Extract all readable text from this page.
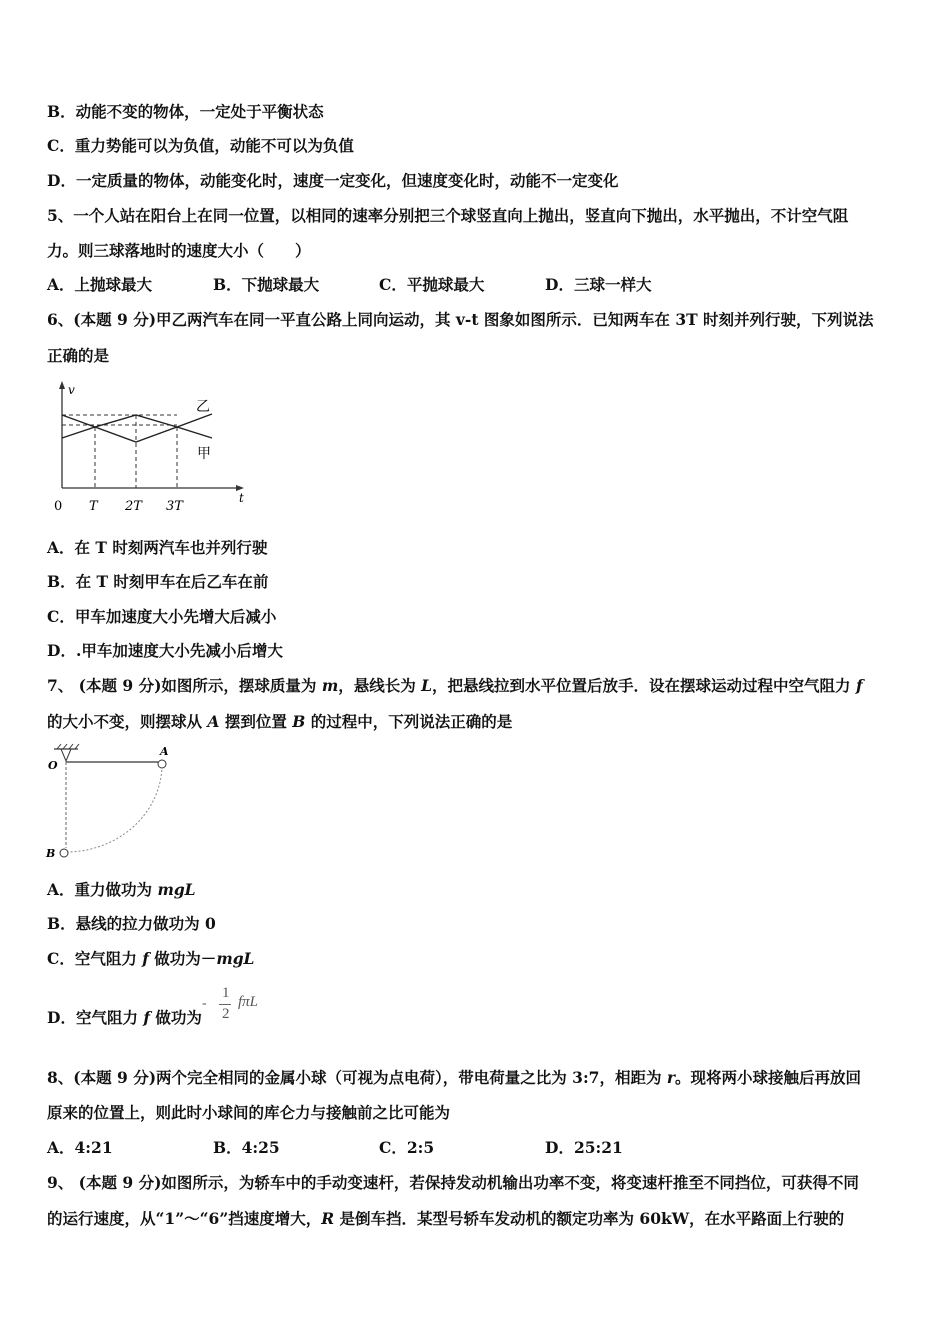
B．动能不变的物体，一定处于平衡状态
C．重力势能可以为负值，动能不可以为负值
D．一定质量的物体，动能变化时，速度一定变化，但速度变化时，动能不一定变化
5、一个人站在阳台上在同一位置，以相同的速率分别把三个球竖直向上抛出，竖直向下抛出，水平抛出，不计空气阻
力。则三球落地时的速度大小（　　）
A．上抛球最大	B．下抛球最大	C．平抛球最大	D．三球一样大
6、(本题 9 分)甲乙两汽车在同一平直公路上同向运动，其 v-t 图象如图所示．已知两车在 3T 时刻并列行驶，下列说法
正确的是
v
t
0 T 2T 3T
乙
甲
A．在 T 时刻两汽车也并列行驶
B．在 T 时刻甲车在后乙车在前
C．甲车加速度大小先增大后减小
D．.甲车加速度大小先减小后增大
7、 (本题 9 分)如图所示，摆球质量为 m，悬线长为 L，把悬线拉到水平位置后放手．设在摆球运动过程中空气阻力 f
的大小不变，则摆球从 A 摆到位置 B 的过程中，下列说法正确的是
O
A
B
A．重力做功为 mgL
B．悬线的拉力做功为 0
C．空气阻力 f 做功为－mgL
D．空气阻力 f 做功为
-
1
2
fπL
8、(本题 9 分)两个完全相同的金属小球（可视为点电荷），带电荷量之比为 3:7，相距为 r。现将两小球接触后再放回
原来的位置上，则此时小球间的库仑力与接触前之比可能为
A．4:21	B．4:25	C．2:5	D．25:21
9、 (本题 9 分)如图所示，为轿车中的手动变速杆，若保持发动机输出功率不变，将变速杆推至不同挡位，可获得不同
的运行速度，从“1”～“6”挡速度增大，R 是倒车挡．某型号轿车发动机的额定功率为 60kW，在水平路面上行驶的
